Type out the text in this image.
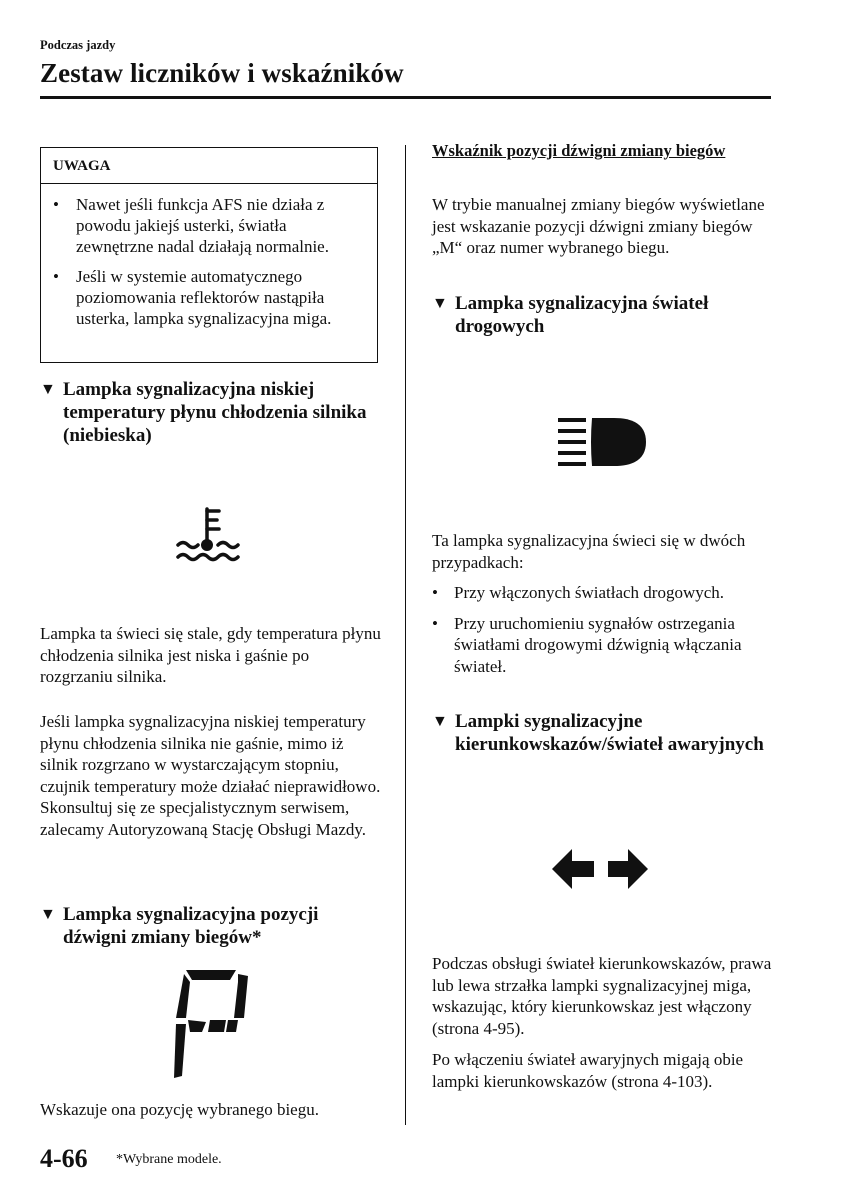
Podczas jazdy
Zestaw liczników i wskaźników
UWAGA
• Nawet jeśli funkcja AFS nie działa z powodu jakiejś usterki, światła zewnętrzne nadal działają normalnie.
• Jeśli w systemie automatycznego poziomowania reflektorów nastąpiła usterka, lampka sygnalizacyjna miga.
▼ Lampka sygnalizacyjna niskiej temperatury płynu chłodzenia silnika (niebieska)

Lampka ta świeci się stale, gdy temperatura płynu chłodzenia silnika jest niska i gaśnie po rozgrzaniu silnika.

Jeśli lampka sygnalizacyjna niskiej temperatury płynu chłodzenia silnika nie gaśnie, mimo iż silnik rozgrzano w wystarczającym stopniu, czujnik temperatury może działać nieprawidłowo. Skonsultuj się ze specjalistycznym serwisem, zalecamy Autoryzowaną Stację Obsługi Mazdy.

▼ Lampka sygnalizacyjna pozycji dźwigni zmiany biegów*

Wskazuje ona pozycję wybranego biegu.

Wskaźnik pozycji dźwigni zmiany biegów

W trybie manualnej zmiany biegów wyświetlane jest wskazanie pozycji dźwigni zmiany biegów „M“ oraz numer wybranego biegu.

▼ Lampka sygnalizacyjna świateł drogowych

Ta lampka sygnalizacyjna świeci się w dwóch przypadkach:

• Przy włączonych światłach drogowych.
• Przy uruchomieniu sygnałów ostrzegania światłami drogowymi dźwignią włączania świateł.
▼ Lampki sygnalizacyjne kierunkowskazów/świateł awaryjnych

Podczas obsługi świateł kierunkowskazów, prawa lub lewa strzałka lampki sygnalizacyjnej miga, wskazując, który kierunkowskaz jest włączony (strona 4-95).

Po włączeniu świateł awaryjnych migają obie lampki kierunkowskazów (strona 4-103).

4-66 *Wybrane modele.
